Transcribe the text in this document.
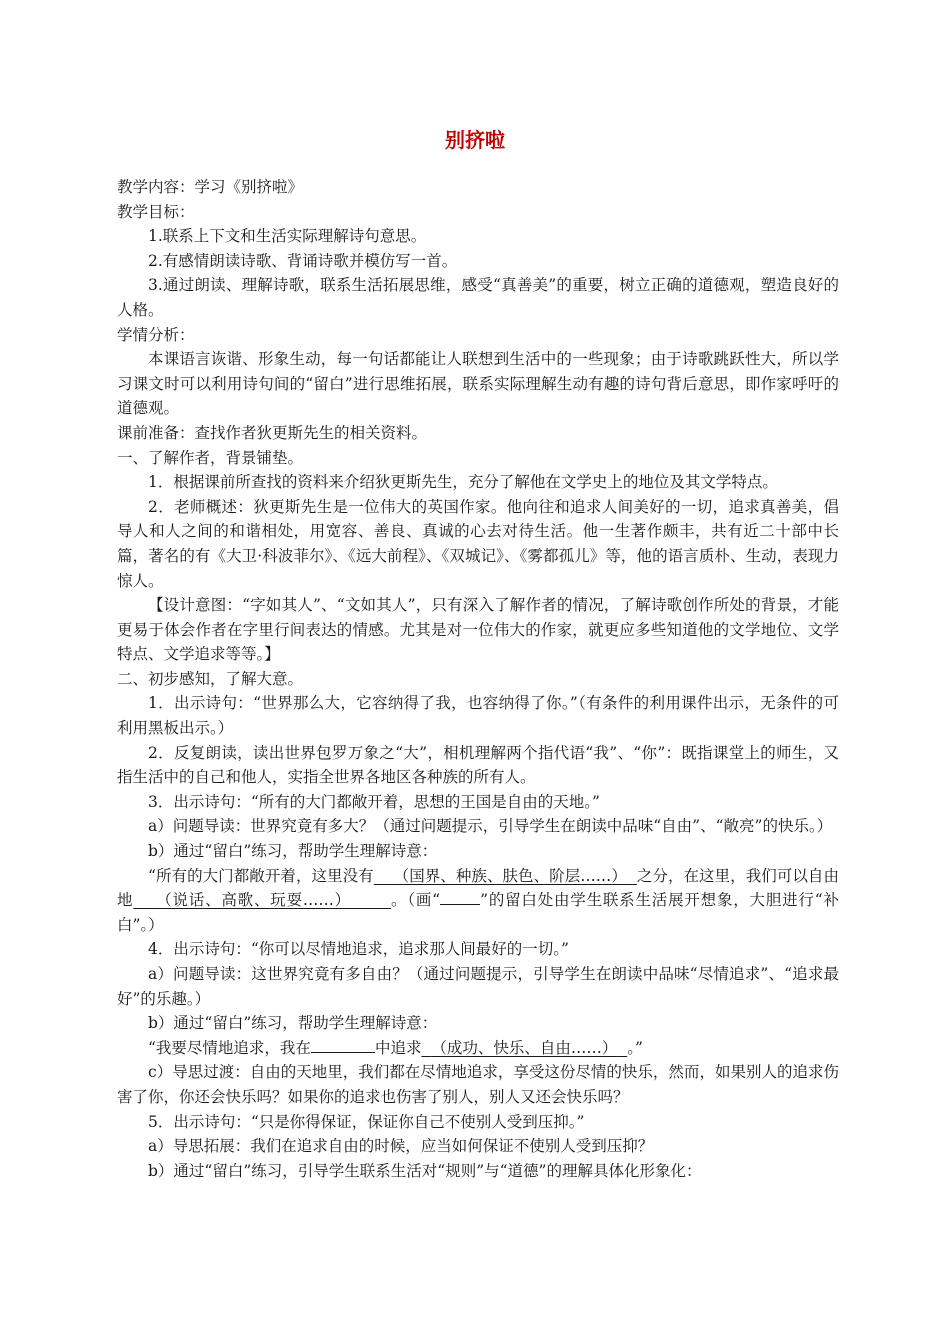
别挤啦

教学内容：学习《别挤啦》

教学目标：

1.联系上下文和生活实际理解诗句意思。

2.有感情朗读诗歌、背诵诗歌并模仿写一首。

3.通过朗读、理解诗歌，联系生活拓展思维，感受“真善美”的重要，树立正确的道德观，塑造良好的人格。

学情分析：

本课语言诙谐、形象生动，每一句话都能让人联想到生活中的一些现象；由于诗歌跳跃性大，所以学习课文时可以利用诗句间的“留白”进行思维拓展，联系实际理解生动有趣的诗句背后意思，即作家呼吁的道德观。

课前准备：查找作者狄更斯先生的相关资料。

一、了解作者，背景铺垫。

1．根据课前所查找的资料来介绍狄更斯先生，充分了解他在文学史上的地位及其文学特点。

2．老师概述：狄更斯先生是一位伟大的英国作家。他向往和追求人间美好的一切，追求真善美，倡导人和人之间的和谐相处，用宽容、善良、真诚的心去对待生活。他一生著作颇丰，共有近二十部中长篇，著名的有《大卫·科波菲尔》、《远大前程》、《双城记》、《雾都孤儿》等，他的语言质朴、生动，表现力惊人。

【设计意图：“字如其人”、“文如其人”，只有深入了解作者的情况，了解诗歌创作所处的背景，才能更易于体会作者在字里行间表达的情感。尤其是对一位伟大的作家，就更应多些知道他的文学地位、文学特点、文学追求等等。】

二、初步感知，了解大意。

1．出示诗句：“世界那么大，它容纳得了我，也容纳得了你。”（有条件的利用课件出示，无条件的可利用黑板出示。）

2．反复朗读，读出世界包罗万象之“大”，相机理解两个指代语“我”、“你”：既指课堂上的师生，又指生活中的自己和他人，实指全世界各地区各种族的所有人。

3．出示诗句：“所有的大门都敞开着，思想的王国是自由的天地。”

a）问题导读：世界究竟有多大？（通过问题提示，引导学生在朗读中品味“自由”、“敞亮”的快乐。）

b）通过“留白”练习，帮助学生理解诗意：

“所有的大门都敞开着，这里没有 （国界、种族、肤色、阶层……） 之分，在这里，我们可以自由地 （说话、高歌、玩耍……）	。（画“	”的留白处由学生联系生活展开想象，大胆进行“补白”。）

4．出示诗句：“你可以尽情地追求，追求那人间最好的一切。”

a）问题导读：这世界究竟有多自由？（通过问题提示，引导学生在朗读中品味“尽情追求”、“追求最好”的乐趣。）

b）通过“留白”练习，帮助学生理解诗意：

“我要尽情地追求，我在	中追求 （成功、快乐、自由……） 。”

c）导思过渡：自由的天地里，我们都在尽情地追求，享受这份尽情的快乐，然而，如果别人的追求伤害了你，你还会快乐吗？如果你的追求也伤害了别人，别人又还会快乐吗？

5．出示诗句：“只是你得保证，保证你自己不使别人受到压抑。”

a）导思拓展：我们在追求自由的时候，应当如何保证不使别人受到压抑？

b）通过“留白”练习，引导学生联系生活对“规则”与“道德”的理解具体化形象化：
